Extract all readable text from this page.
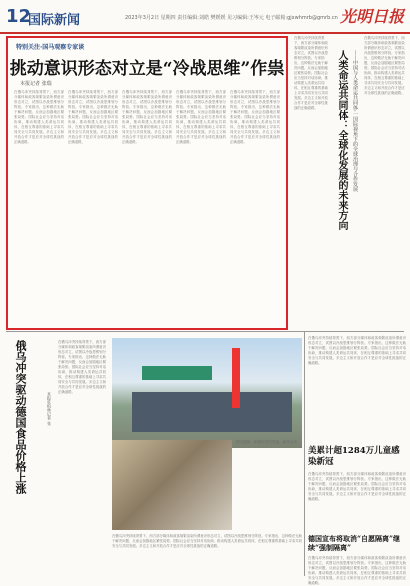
12
国际新闻	2023年3月2日 星期四 责任编辑:刘皓 樊媛媛 见习编辑:王岑元 电子邮箱:gjxwhmrb@gmrb.cn 光明日报
特别关注·国马观察专家谈
挑动意识形态对立是“冷战思维”作祟
本报记者 张瑞
在俄乌冲突持续背景下，西方部分媒体和政客频繁渲染所谓意识形态对立，试图以冷战思维划分阵营。专家指出，这种做法无助于解决问题，反而会加剧地区紧张局势。国际社会应当坚持对话协商，推动构建人类命运共同体，在相互尊重的基础上寻求共同安全与共同发展。多边主义和开放合作才是应对全球性挑战的正确道路。
在俄乌冲突持续背景下，西方部分媒体和政客频繁渲染所谓意识形态对立，试图以冷战思维划分阵营。专家指出，这种做法无助于解决问题，反而会加剧地区紧张局势。国际社会应当坚持对话协商，推动构建人类命运共同体，在相互尊重的基础上寻求共同安全与共同发展。多边主义和开放合作才是应对全球性挑战的正确道路。
在俄乌冲突持续背景下，西方部分媒体和政客频繁渲染所谓意识形态对立，试图以冷战思维划分阵营。专家指出，这种做法无助于解决问题，反而会加剧地区紧张局势。国际社会应当坚持对话协商，推动构建人类命运共同体，在相互尊重的基础上寻求共同安全与共同发展。多边主义和开放合作才是应对全球性挑战的正确道路。
在俄乌冲突持续背景下，西方部分媒体和政客频繁渲染所谓意识形态对立，试图以冷战思维划分阵营。专家指出，这种做法无助于解决问题，反而会加剧地区紧张局势。国际社会应当坚持对话协商，推动构建人类命运共同体，在相互尊重的基础上寻求共同安全与共同发展。多边主义和开放合作才是应对全球性挑战的正确道路。
在俄乌冲突持续背景下，西方部分媒体和政客频繁渲染所谓意识形态对立，试图以冷战思维划分阵营。专家指出，这种做法无助于解决问题，反而会加剧地区紧张局势。国际社会应当坚持对话协商，推动构建人类命运共同体，在相互尊重的基础上寻求共同安全与共同发展。多边主义和开放合作才是应对全球性挑战的正确道路。
在俄乌冲突持续背景下，西方部分媒体和政客频繁渲染所谓意识形态对立，试图以冷战思维划分阵营。专家指出，这种做法无助于解决问题，反而会加剧地区紧张局势。国际社会应当坚持对话协商，推动构建人类命运共同体，在相互尊重的基础上寻求共同安全与共同发展。多边主义和开放合作才是应对全球性挑战的正确道路。	人类命运共同体：全球化发展的未来方向	——中国与人类命运共同体:一国际视角下的全球治理与合作发展
在俄乌冲突持续背景下，西方部分媒体和政客频繁渲染所谓意识形态对立，试图以冷战思维划分阵营。专家指出，这种做法无助于解决问题，反而会加剧地区紧张局势。国际社会应当坚持对话协商，推动构建人类命运共同体，在相互尊重的基础上寻求共同安全与共同发展。多边主义和开放合作才是应对全球性挑战的正确道路。
俄乌冲突驱动德国食品价格上涨	本报驻柏林记者 张
在俄乌冲突持续背景下，西方部分媒体和政客频繁渲染所谓意识形态对立，试图以冷战思维划分阵营。专家指出，这种做法无助于解决问题，反而会加剧地区紧张局势。国际社会应当坚持对话协商，推动构建人类命运共同体，在相互尊重的基础上寻求共同安全与共同发展。多边主义和开放合作才是应对全球性挑战的正确道路。
图为德国一家超市内的货架。新华社发
在俄乌冲突持续背景下，西方部分媒体和政客频繁渲染所谓意识形态对立，试图以冷战思维划分阵营。专家指出，这种做法无助于解决问题，反而会加剧地区紧张局势。国际社会应当坚持对话协商，推动构建人类命运共同体，在相互尊重的基础上寻求共同安全与共同发展。多边主义和开放合作才是应对全球性挑战的正确道路。
在俄乌冲突持续背景下，西方部分媒体和政客频繁渲染所谓意识形态对立，试图以冷战思维划分阵营。专家指出，这种做法无助于解决问题，反而会加剧地区紧张局势。国际社会应当坚持对话协商，推动构建人类命运共同体，在相互尊重的基础上寻求共同安全与共同发展。多边主义和开放合作才是应对全球性挑战的正确道路。
美累计超1284万儿童感染新冠
在俄乌冲突持续背景下，西方部分媒体和政客频繁渲染所谓意识形态对立，试图以冷战思维划分阵营。专家指出，这种做法无助于解决问题，反而会加剧地区紧张局势。国际社会应当坚持对话协商，推动构建人类命运共同体，在相互尊重的基础上寻求共同安全与共同发展。多边主义和开放合作才是应对全球性挑战的正确道路。
德国宣布将取消“自愿隔离”继续“强制隔离”
在俄乌冲突持续背景下，西方部分媒体和政客频繁渲染所谓意识形态对立，试图以冷战思维划分阵营。专家指出，这种做法无助于解决问题，反而会加剧地区紧张局势。国际社会应当坚持对话协商，推动构建人类命运共同体，在相互尊重的基础上寻求共同安全与共同发展。多边主义和开放合作才是应对全球性挑战的正确道路。
